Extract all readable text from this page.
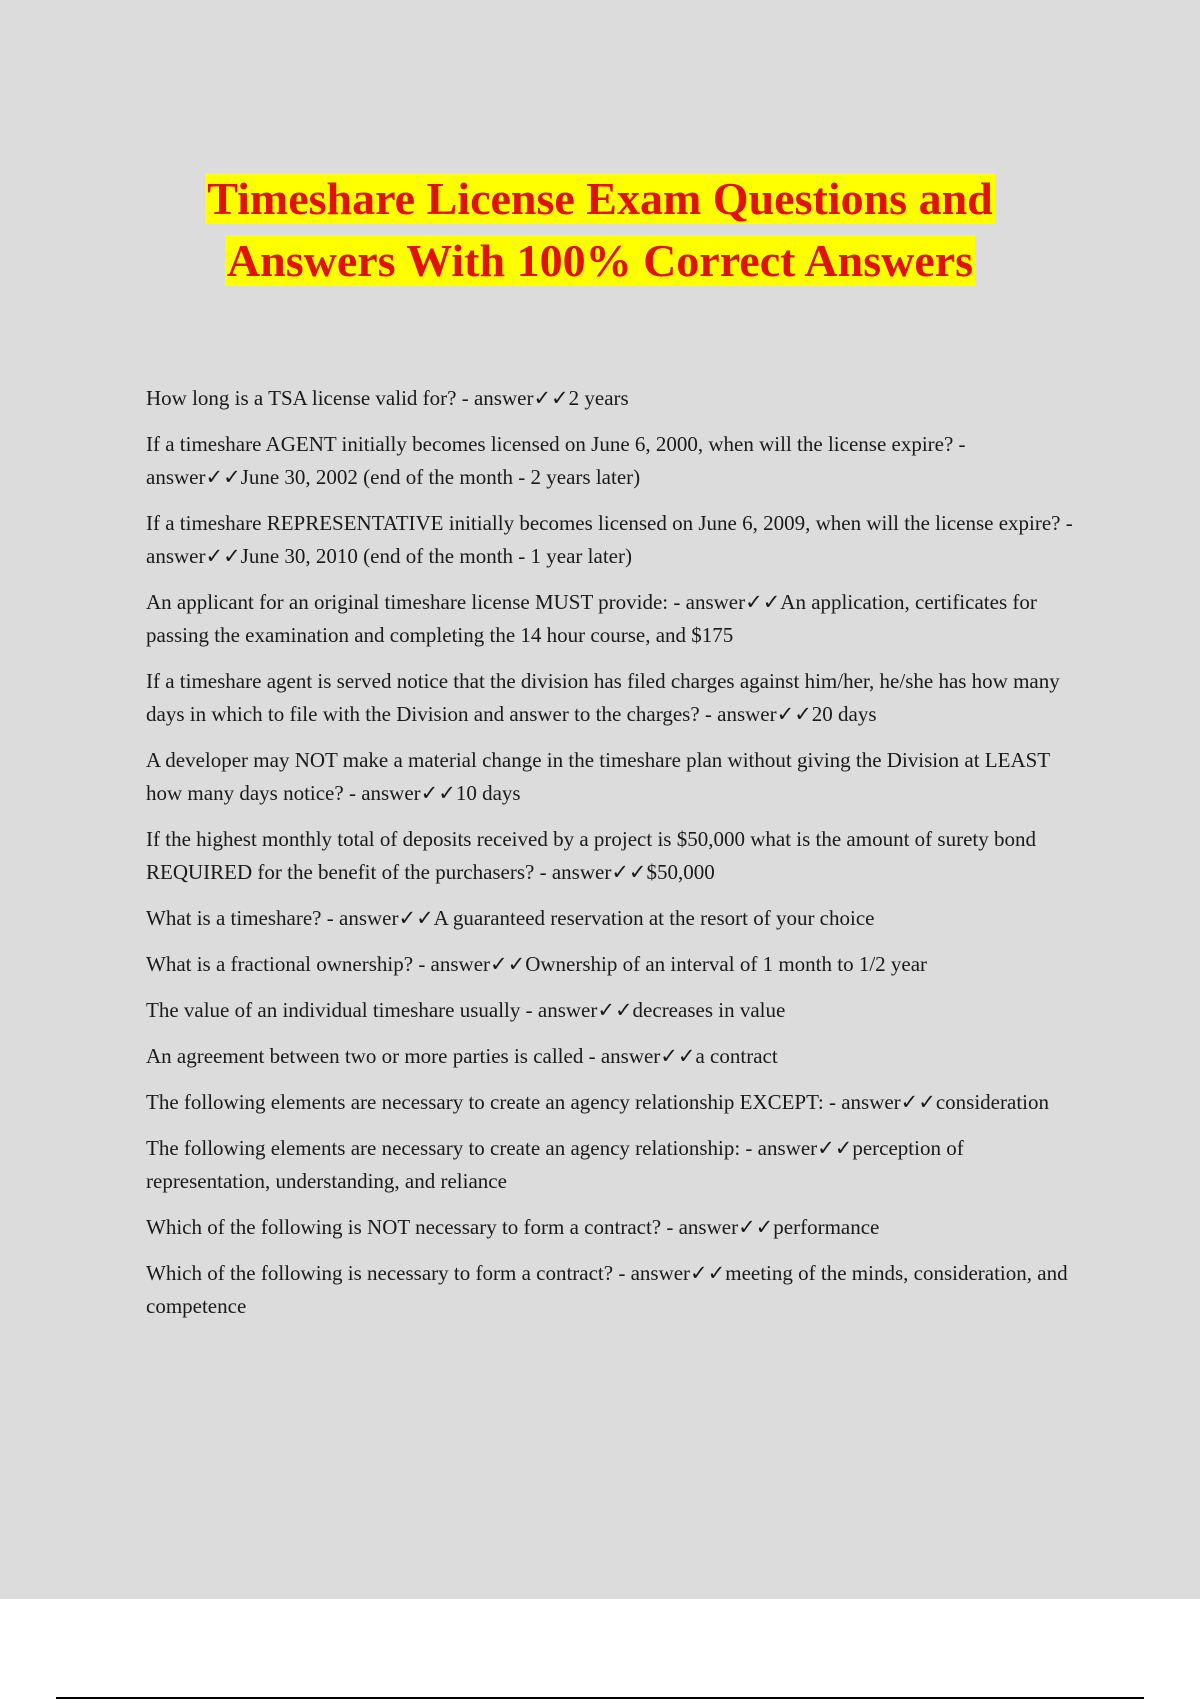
Timeshare License Exam Questions and
Answers With 100% Correct Answers

How long is a TSA license valid for? - answer✓✓2 years

If a timeshare AGENT initially becomes licensed on June 6, 2000, when will the license expire? - answer✓✓June 30, 2002 (end of the month - 2 years later)

If a timeshare REPRESENTATIVE initially becomes licensed on June 6, 2009, when will the license expire? - answer✓✓June 30, 2010 (end of the month - 1 year later)

An applicant for an original timeshare license MUST provide: - answer✓✓An application, certificates for passing the examination and completing the 14 hour course, and $175

If a timeshare agent is served notice that the division has filed charges against him/her, he/she has how many days in which to file with the Division and answer to the charges? - answer✓✓20 days

A developer may NOT make a material change in the timeshare plan without giving the Division at LEAST how many days notice? - answer✓✓10 days

If the highest monthly total of deposits received by a project is $50,000 what is the amount of surety bond REQUIRED for the benefit of the purchasers? - answer✓✓$50,000

What is a timeshare? - answer✓✓A guaranteed reservation at the resort of your choice

What is a fractional ownership? - answer✓✓Ownership of an interval of 1 month to 1/2 year

The value of an individual timeshare usually - answer✓✓decreases in value

An agreement between two or more parties is called - answer✓✓a contract

The following elements are necessary to create an agency relationship EXCEPT: - answer✓✓consideration

The following elements are necessary to create an agency relationship: - answer✓✓perception of representation, understanding, and reliance

Which of the following is NOT necessary to form a contract? - answer✓✓performance

Which of the following is necessary to form a contract? - answer✓✓meeting of the minds, consideration, and competence
